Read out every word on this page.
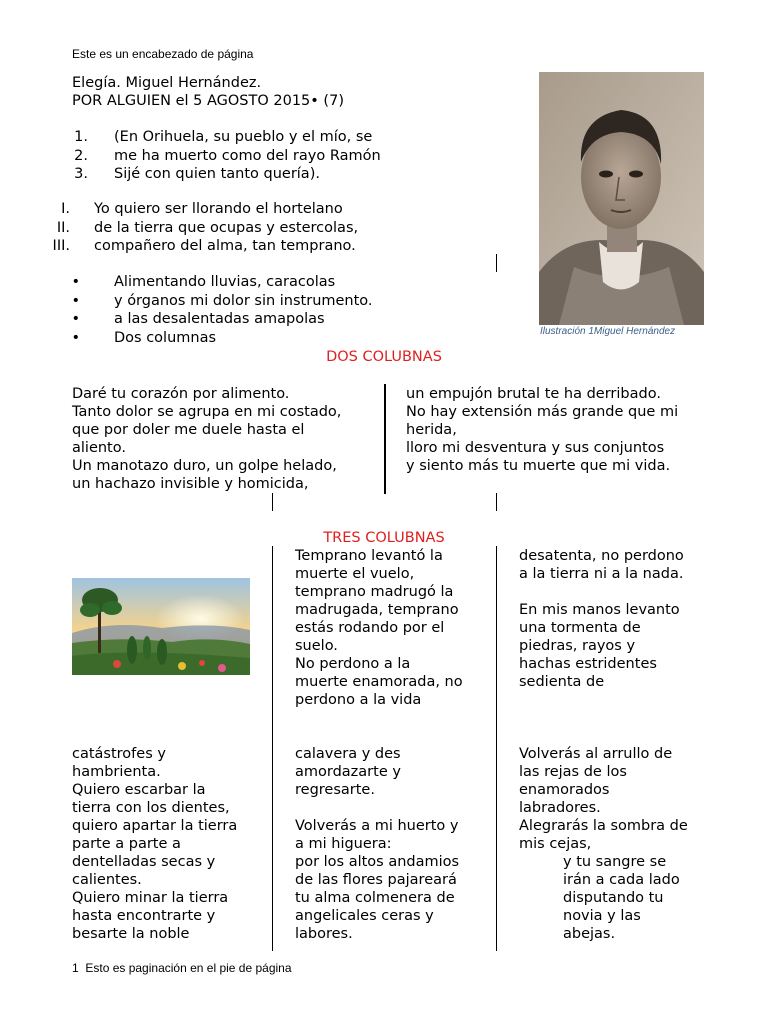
Este es un encabezado de página
Elegía. Miguel Hernández.
POR ALGUIEN el 5 AGOSTO 2015• (7)
1. (En Orihuela, su pueblo y el mío, se
2. me ha muerto como del rayo Ramón
3. Sijé con quien tanto quería).
I. Yo quiero ser llorando el hortelano
II. de la tierra que ocupas y estercolas,
III. compañero del alma, tan temprano.
• Alimentando lluvias, caracolas
• y órganos mi dolor sin instrumento.
• a las desalentadas amapolas
• Dos columnas	Ilustración 1Miguel Hernández
DOS COLUBNAS
Daré tu corazón por alimento.
Tanto dolor se agrupa en mi costado,
que por doler me duele hasta el
aliento.
Un manotazo duro, un golpe helado,
un hachazo invisible y homicida,
un empujón brutal te ha derribado.
No hay extensión más grande que mi
herida,
lloro mi desventura y sus conjuntos
y siento más tu muerte que mi vida.
TRES COLUBNAS
Temprano levantó la
muerte el vuelo,
temprano madrugó la
madrugada, temprano
estás rodando por el
suelo.
No perdono a la
muerte enamorada, no
perdono a la vida
desatenta, no perdono
a la tierra ni a la nada.
En mis manos levanto
una tormenta de
piedras, rayos y
hachas estridentes
sedienta de
catástrofes y
hambrienta.
Quiero escarbar la
tierra con los dientes,
quiero apartar la tierra
parte a parte a
dentelladas secas y
calientes.
Quiero minar la tierra
hasta encontrarte y
besarte la noble
calavera y des
amordazarte y
regresarte.
Volverás a mi huerto y
a mi higuera:
por los altos andamios
de las flores pajareará
tu alma colmenera de
angelicales ceras y
labores.
Volverás al arrullo de
las rejas de los
enamorados
labradores.
Alegrarás la sombra de
mis cejas,
y tu sangre se
irán a cada lado
disputando tu
novia y las
abejas.
1 Esto es paginación en el pie de página
